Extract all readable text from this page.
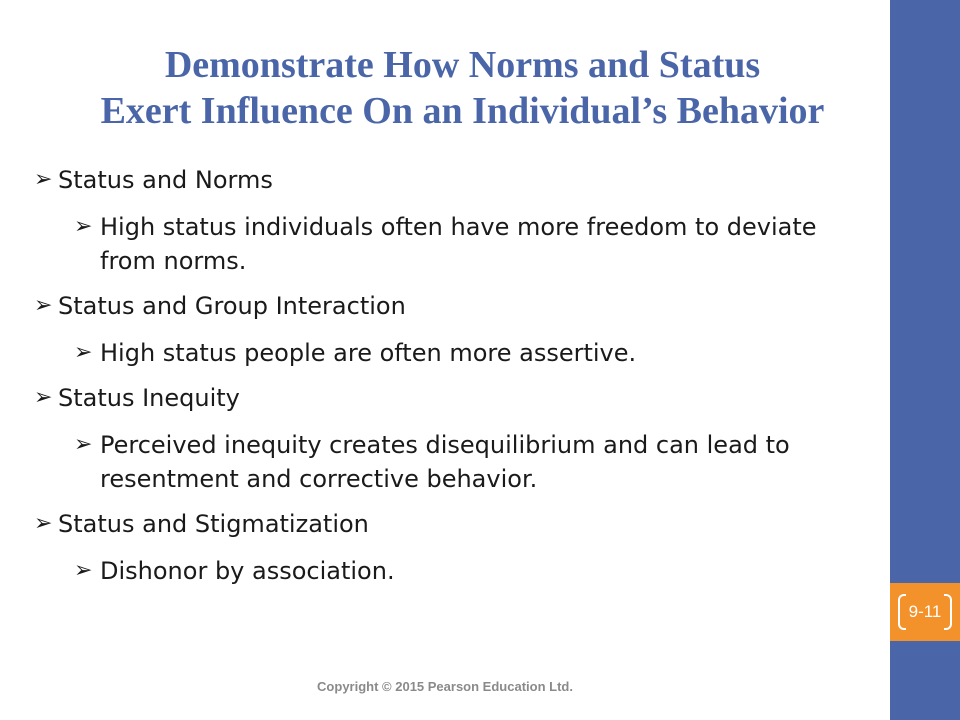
9-11
Demonstrate How Norms and Status
Exert Influence On an Individual’s Behavior
➢ Status and Norms
➢ High status individuals often have more freedom to deviate from norms.
➢ Status and Group Interaction
➢ High status people are often more assertive.
➢ Status Inequity
➢ Perceived inequity creates disequilibrium and can lead to resentment and corrective behavior.
➢ Status and Stigmatization
➢ Dishonor by association.
Copyright © 2015 Pearson Education Ltd.
